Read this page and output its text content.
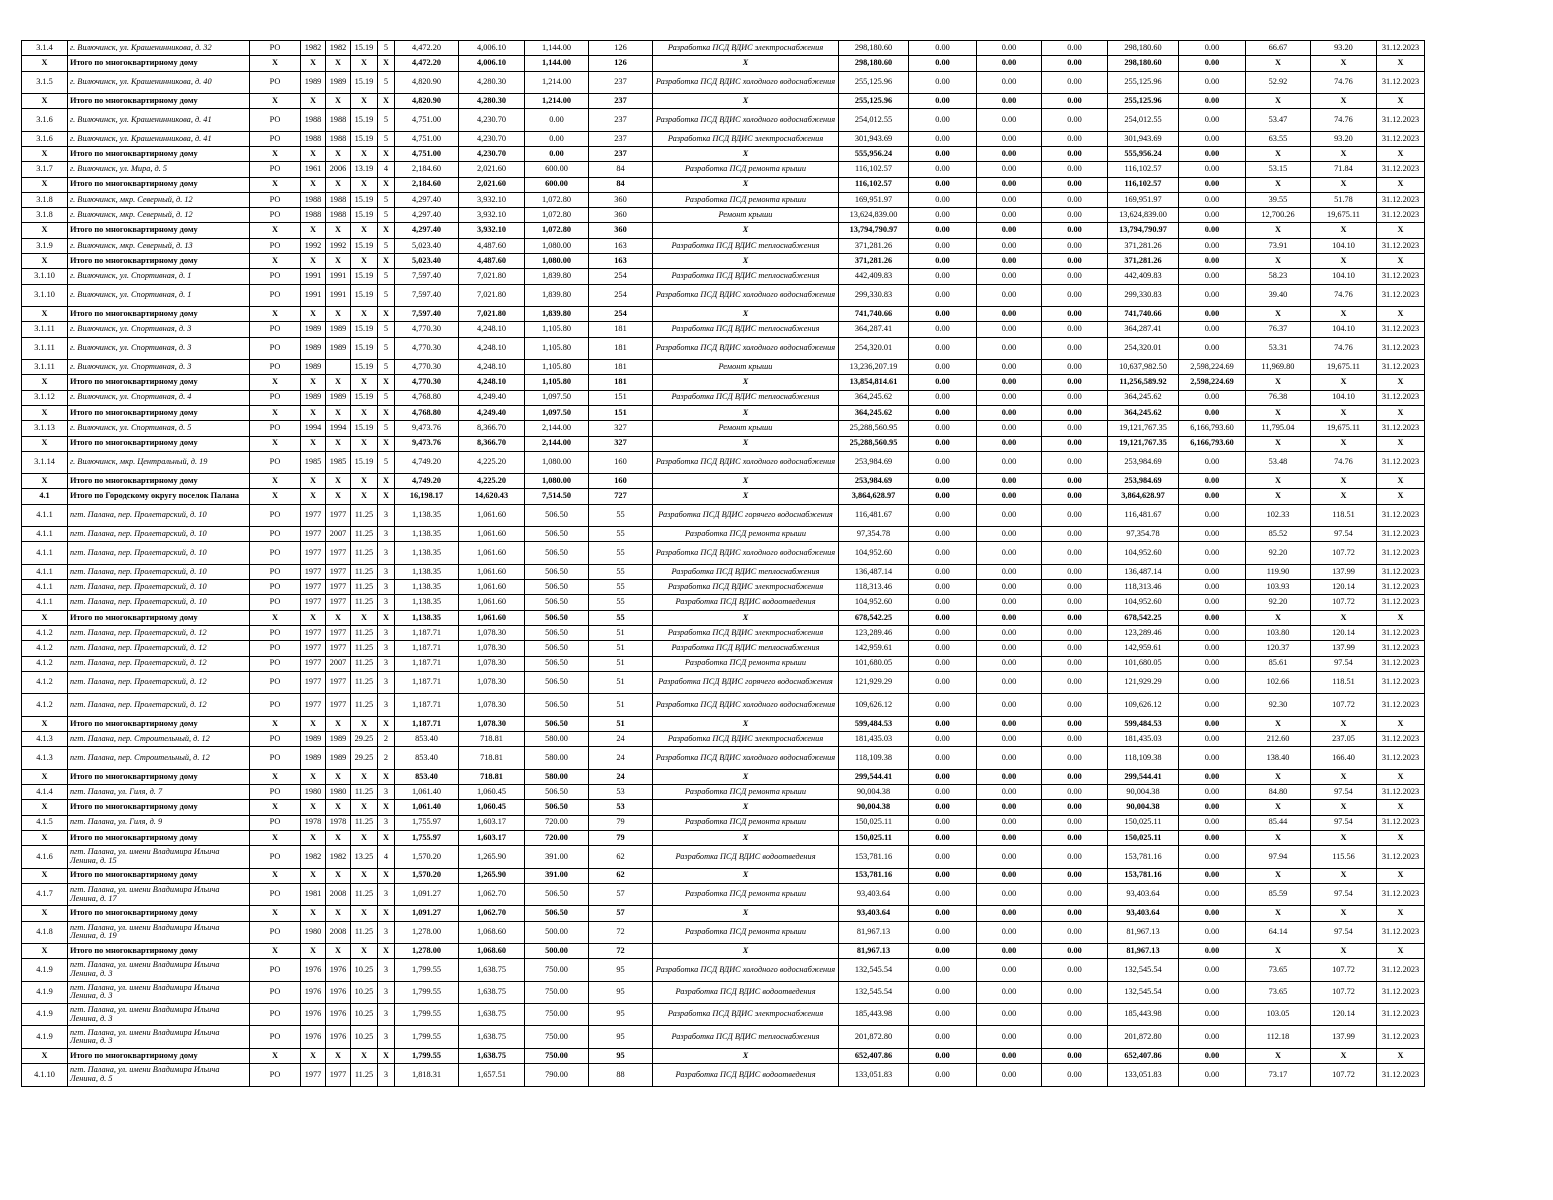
3.1.4	г. Вилючинск, ул. Крашенинникова, д. 32	РО	1982	1982	15.19	5	4,472.20	4,006.10	1,144.00	126	Разработка ПСД ВДИС электроснабжения	298,180.60	0.00	0.00	0.00	298,180.60	0.00	66.67	93.20	31.12.2023
X	Итого по многоквартирному дому	X	X	X	X	X	4,472.20	4,006.10	1,144.00	126	X	298,180.60	0.00	0.00	0.00	298,180.60	0.00	X	X	X
3.1.5	г. Вилючинск, ул. Крашенинникова, д. 40	РО	1989	1989	15.19	5	4,820.90	4,280.30	1,214.00	237	Разработка ПСД ВДИС холодного водоснабжения	255,125.96	0.00	0.00	0.00	255,125.96	0.00	52.92	74.76	31.12.2023
X	Итого по многоквартирному дому	X	X	X	X	X	4,820.90	4,280.30	1,214.00	237	X	255,125.96	0.00	0.00	0.00	255,125.96	0.00	X	X	X
3.1.6	г. Вилючинск, ул. Крашенинникова, д. 41	РО	1988	1988	15.19	5	4,751.00	4,230.70	0.00	237	Разработка ПСД ВДИС холодного водоснабжения	254,012.55	0.00	0.00	0.00	254,012.55	0.00	53.47	74.76	31.12.2023
3.1.6	г. Вилючинск, ул. Крашенинникова, д. 41	РО	1988	1988	15.19	5	4,751.00	4,230.70	0.00	237	Разработка ПСД ВДИС электроснабжения	301,943.69	0.00	0.00	0.00	301,943.69	0.00	63.55	93.20	31.12.2023
X	Итого по многоквартирному дому	X	X	X	X	X	4,751.00	4,230.70	0.00	237	X	555,956.24	0.00	0.00	0.00	555,956.24	0.00	X	X	X
3.1.7	г. Вилючинск, ул. Мира, д. 5	РО	1961	2006	13.19	4	2,184.60	2,021.60	600.00	84	Разработка ПСД ремонта крыши	116,102.57	0.00	0.00	0.00	116,102.57	0.00	53.15	71.84	31.12.2023
X	Итого по многоквартирному дому	X	X	X	X	X	2,184.60	2,021.60	600.00	84	X	116,102.57	0.00	0.00	0.00	116,102.57	0.00	X	X	X
3.1.8	г. Вилючинск, мкр. Северный, д. 12	РО	1988	1988	15.19	5	4,297.40	3,932.10	1,072.80	360	Разработка ПСД ремонта крыши	169,951.97	0.00	0.00	0.00	169,951.97	0.00	39.55	51.78	31.12.2023
3.1.8	г. Вилючинск, мкр. Северный, д. 12	РО	1988	1988	15.19	5	4,297.40	3,932.10	1,072.80	360	Ремонт крыши	13,624,839.00	0.00	0.00	0.00	13,624,839.00	0.00	12,700.26	19,675.11	31.12.2023
X	Итого по многоквартирному дому	X	X	X	X	X	4,297.40	3,932.10	1,072.80	360	X	13,794,790.97	0.00	0.00	0.00	13,794,790.97	0.00	X	X	X
3.1.9	г. Вилючинск, мкр. Северный, д. 13	РО	1992	1992	15.19	5	5,023.40	4,487.60	1,080.00	163	Разработка ПСД ВДИС теплоснабжения	371,281.26	0.00	0.00	0.00	371,281.26	0.00	73.91	104.10	31.12.2023
X	Итого по многоквартирному дому	X	X	X	X	X	5,023.40	4,487.60	1,080.00	163	X	371,281.26	0.00	0.00	0.00	371,281.26	0.00	X	X	X
3.1.10	г. Вилючинск, ул. Спортивная, д. 1	РО	1991	1991	15.19	5	7,597.40	7,021.80	1,839.80	254	Разработка ПСД ВДИС теплоснабжения	442,409.83	0.00	0.00	0.00	442,409.83	0.00	58.23	104.10	31.12.2023
3.1.10	г. Вилючинск, ул. Спортивная, д. 1	РО	1991	1991	15.19	5	7,597.40	7,021.80	1,839.80	254	Разработка ПСД ВДИС холодного водоснабжения	299,330.83	0.00	0.00	0.00	299,330.83	0.00	39.40	74.76	31.12.2023
X	Итого по многоквартирному дому	X	X	X	X	X	7,597.40	7,021.80	1,839.80	254	X	741,740.66	0.00	0.00	0.00	741,740.66	0.00	X	X	X
3.1.11	г. Вилючинск, ул. Спортивная, д. 3	РО	1989	1989	15.19	5	4,770.30	4,248.10	1,105.80	181	Разработка ПСД ВДИС теплоснабжения	364,287.41	0.00	0.00	0.00	364,287.41	0.00	76.37	104.10	31.12.2023
3.1.11	г. Вилючинск, ул. Спортивная, д. 3	РО	1989	1989	15.19	5	4,770.30	4,248.10	1,105.80	181	Разработка ПСД ВДИС холодного водоснабжения	254,320.01	0.00	0.00	0.00	254,320.01	0.00	53.31	74.76	31.12.2023
3.1.11	г. Вилючинск, ул. Спортивная, д. 3	РО	1989		15.19	5	4,770.30	4,248.10	1,105.80	181	Ремонт крыши	13,236,207.19	0.00	0.00	0.00	10,637,982.50	2,598,224.69	11,969.80	19,675.11	31.12.2023
X	Итого по многоквартирному дому	X	X	X	X	X	4,770.30	4,248.10	1,105.80	181	X	13,854,814.61	0.00	0.00	0.00	11,256,589.92	2,598,224.69	X	X	X
3.1.12	г. Вилючинск, ул. Спортивная, д. 4	РО	1989	1989	15.19	5	4,768.80	4,249.40	1,097.50	151	Разработка ПСД ВДИС теплоснабжения	364,245.62	0.00	0.00	0.00	364,245.62	0.00	76.38	104.10	31.12.2023
X	Итого по многоквартирному дому	X	X	X	X	X	4,768.80	4,249.40	1,097.50	151	X	364,245.62	0.00	0.00	0.00	364,245.62	0.00	X	X	X
3.1.13	г. Вилючинск, ул. Спортивная, д. 5	РО	1994	1994	15.19	5	9,473.76	8,366.70	2,144.00	327	Ремонт крыши	25,288,560.95	0.00	0.00	0.00	19,121,767.35	6,166,793.60	11,795.04	19,675.11	31.12.2023
X	Итого по многоквартирному дому	X	X	X	X	X	9,473.76	8,366.70	2,144.00	327	X	25,288,560.95	0.00	0.00	0.00	19,121,767.35	6,166,793.60	X	X	X
3.1.14	г. Вилючинск, мкр. Центральный, д. 19	РО	1985	1985	15.19	5	4,749.20	4,225.20	1,080.00	160	Разработка ПСД ВДИС холодного водоснабжения	253,984.69	0.00	0.00	0.00	253,984.69	0.00	53.48	74.76	31.12.2023
X	Итого по многоквартирному дому	X	X	X	X	X	4,749.20	4,225.20	1,080.00	160	X	253,984.69	0.00	0.00	0.00	253,984.69	0.00	X	X	X
4.1	Итого по Городскому округу поселок Палана	X	X	X	X	X	16,198.17	14,620.43	7,514.50	727	X	3,864,628.97	0.00	0.00	0.00	3,864,628.97	0.00	X	X	X
4.1.1	пгт. Палана, пер. Пролетарский, д. 10	РО	1977	1977	11.25	3	1,138.35	1,061.60	506.50	55	Разработка ПСД ВДИС горячего водоснабжения	116,481.67	0.00	0.00	0.00	116,481.67	0.00	102.33	118.51	31.12.2023
4.1.1	пгт. Палана, пер. Пролетарский, д. 10	РО	1977	2007	11.25	3	1,138.35	1,061.60	506.50	55	Разработка ПСД ремонта крыши	97,354.78	0.00	0.00	0.00	97,354.78	0.00	85.52	97.54	31.12.2023
4.1.1	пгт. Палана, пер. Пролетарский, д. 10	РО	1977	1977	11.25	3	1,138.35	1,061.60	506.50	55	Разработка ПСД ВДИС холодного водоснабжения	104,952.60	0.00	0.00	0.00	104,952.60	0.00	92.20	107.72	31.12.2023
4.1.1	пгт. Палана, пер. Пролетарский, д. 10	РО	1977	1977	11.25	3	1,138.35	1,061.60	506.50	55	Разработка ПСД ВДИС теплоснабжения	136,487.14	0.00	0.00	0.00	136,487.14	0.00	119.90	137.99	31.12.2023
4.1.1	пгт. Палана, пер. Пролетарский, д. 10	РО	1977	1977	11.25	3	1,138.35	1,061.60	506.50	55	Разработка ПСД ВДИС электроснабжения	118,313.46	0.00	0.00	0.00	118,313.46	0.00	103.93	120.14	31.12.2023
4.1.1	пгт. Палана, пер. Пролетарский, д. 10	РО	1977	1977	11.25	3	1,138.35	1,061.60	506.50	55	Разработка ПСД ВДИС водоотведения	104,952.60	0.00	0.00	0.00	104,952.60	0.00	92.20	107.72	31.12.2023
X	Итого по многоквартирному дому	X	X	X	X	X	1,138.35	1,061.60	506.50	55	X	678,542.25	0.00	0.00	0.00	678,542.25	0.00	X	X	X
4.1.2	пгт. Палана, пер. Пролетарский, д. 12	РО	1977	1977	11.25	3	1,187.71	1,078.30	506.50	51	Разработка ПСД ВДИС электроснабжения	123,289.46	0.00	0.00	0.00	123,289.46	0.00	103.80	120.14	31.12.2023
4.1.2	пгт. Палана, пер. Пролетарский, д. 12	РО	1977	1977	11.25	3	1,187.71	1,078.30	506.50	51	Разработка ПСД ВДИС теплоснабжения	142,959.61	0.00	0.00	0.00	142,959.61	0.00	120.37	137.99	31.12.2023
4.1.2	пгт. Палана, пер. Пролетарский, д. 12	РО	1977	2007	11.25	3	1,187.71	1,078.30	506.50	51	Разработка ПСД ремонта крыши	101,680.05	0.00	0.00	0.00	101,680.05	0.00	85.61	97.54	31.12.2023
4.1.2	пгт. Палана, пер. Пролетарский, д. 12	РО	1977	1977	11.25	3	1,187.71	1,078.30	506.50	51	Разработка ПСД ВДИС горячего водоснабжения	121,929.29	0.00	0.00	0.00	121,929.29	0.00	102.66	118.51	31.12.2023
4.1.2	пгт. Палана, пер. Пролетарский, д. 12	РО	1977	1977	11.25	3	1,187.71	1,078.30	506.50	51	Разработка ПСД ВДИС холодного водоснабжения	109,626.12	0.00	0.00	0.00	109,626.12	0.00	92.30	107.72	31.12.2023
X	Итого по многоквартирному дому	X	X	X	X	X	1,187.71	1,078.30	506.50	51	X	599,484.53	0.00	0.00	0.00	599,484.53	0.00	X	X	X
4.1.3	пгт. Палана, пер. Строительный, д. 12	РО	1989	1989	29.25	2	853.40	718.81	580.00	24	Разработка ПСД ВДИС электроснабжения	181,435.03	0.00	0.00	0.00	181,435.03	0.00	212.60	237.05	31.12.2023
4.1.3	пгт. Палана, пер. Строительный, д. 12	РО	1989	1989	29.25	2	853.40	718.81	580.00	24	Разработка ПСД ВДИС холодного водоснабжения	118,109.38	0.00	0.00	0.00	118,109.38	0.00	138.40	166.40	31.12.2023
X	Итого по многоквартирному дому	X	X	X	X	X	853.40	718.81	580.00	24	X	299,544.41	0.00	0.00	0.00	299,544.41	0.00	X	X	X
4.1.4	пгт. Палана, ул. Гиля, д. 7	РО	1980	1980	11.25	3	1,061.40	1,060.45	506.50	53	Разработка ПСД ремонта крыши	90,004.38	0.00	0.00	0.00	90,004.38	0.00	84.80	97.54	31.12.2023
X	Итого по многоквартирному дому	X	X	X	X	X	1,061.40	1,060.45	506.50	53	X	90,004.38	0.00	0.00	0.00	90,004.38	0.00	X	X	X
4.1.5	пгт. Палана, ул. Гиля, д. 9	РО	1978	1978	11.25	3	1,755.97	1,603.17	720.00	79	Разработка ПСД ремонта крыши	150,025.11	0.00	0.00	0.00	150,025.11	0.00	85.44	97.54	31.12.2023
X	Итого по многоквартирному дому	X	X	X	X	X	1,755.97	1,603.17	720.00	79	X	150,025.11	0.00	0.00	0.00	150,025.11	0.00	X	X	X
4.1.6	пгт. Палана, ул. имени Владимира Ильича Ленина, д. 15	РО	1982	1982	13.25	4	1,570.20	1,265.90	391.00	62	Разработка ПСД ВДИС водоотведения	153,781.16	0.00	0.00	0.00	153,781.16	0.00	97.94	115.56	31.12.2023
X	Итого по многоквартирному дому	X	X	X	X	X	1,570.20	1,265.90	391.00	62	X	153,781.16	0.00	0.00	0.00	153,781.16	0.00	X	X	X
4.1.7	пгт. Палана, ул. имени Владимира Ильича Ленина, д. 17	РО	1981	2008	11.25	3	1,091.27	1,062.70	506.50	57	Разработка ПСД ремонта крыши	93,403.64	0.00	0.00	0.00	93,403.64	0.00	85.59	97.54	31.12.2023
X	Итого по многоквартирному дому	X	X	X	X	X	1,091.27	1,062.70	506.50	57	X	93,403.64	0.00	0.00	0.00	93,403.64	0.00	X	X	X
4.1.8	пгт. Палана, ул. имени Владимира Ильича Ленина, д. 19	РО	1980	2008	11.25	3	1,278.00	1,068.60	500.00	72	Разработка ПСД ремонта крыши	81,967.13	0.00	0.00	0.00	81,967.13	0.00	64.14	97.54	31.12.2023
X	Итого по многоквартирному дому	X	X	X	X	X	1,278.00	1,068.60	500.00	72	X	81,967.13	0.00	0.00	0.00	81,967.13	0.00	X	X	X
4.1.9	пгт. Палана, ул. имени Владимира Ильича Ленина, д. 3	РО	1976	1976	10.25	3	1,799.55	1,638.75	750.00	95	Разработка ПСД ВДИС холодного водоснабжения	132,545.54	0.00	0.00	0.00	132,545.54	0.00	73.65	107.72	31.12.2023
4.1.9	пгт. Палана, ул. имени Владимира Ильича Ленина, д. 3	РО	1976	1976	10.25	3	1,799.55	1,638.75	750.00	95	Разработка ПСД ВДИС водоотведения	132,545.54	0.00	0.00	0.00	132,545.54	0.00	73.65	107.72	31.12.2023
4.1.9	пгт. Палана, ул. имени Владимира Ильича Ленина, д. 3	РО	1976	1976	10.25	3	1,799.55	1,638.75	750.00	95	Разработка ПСД ВДИС электроснабжения	185,443.98	0.00	0.00	0.00	185,443.98	0.00	103.05	120.14	31.12.2023
4.1.9	пгт. Палана, ул. имени Владимира Ильича Ленина, д. 3	РО	1976	1976	10.25	3	1,799.55	1,638.75	750.00	95	Разработка ПСД ВДИС теплоснабжения	201,872.80	0.00	0.00	0.00	201,872.80	0.00	112.18	137.99	31.12.2023
X	Итого по многоквартирному дому	X	X	X	X	X	1,799.55	1,638.75	750.00	95	X	652,407.86	0.00	0.00	0.00	652,407.86	0.00	X	X	X
4.1.10	пгт. Палана, ул. имени Владимира Ильича Ленина, д. 5	РО	1977	1977	11.25	3	1,818.31	1,657.51	790.00	88	Разработка ПСД ВДИС водоотведения	133,051.83	0.00	0.00	0.00	133,051.83	0.00	73.17	107.72	31.12.2023
